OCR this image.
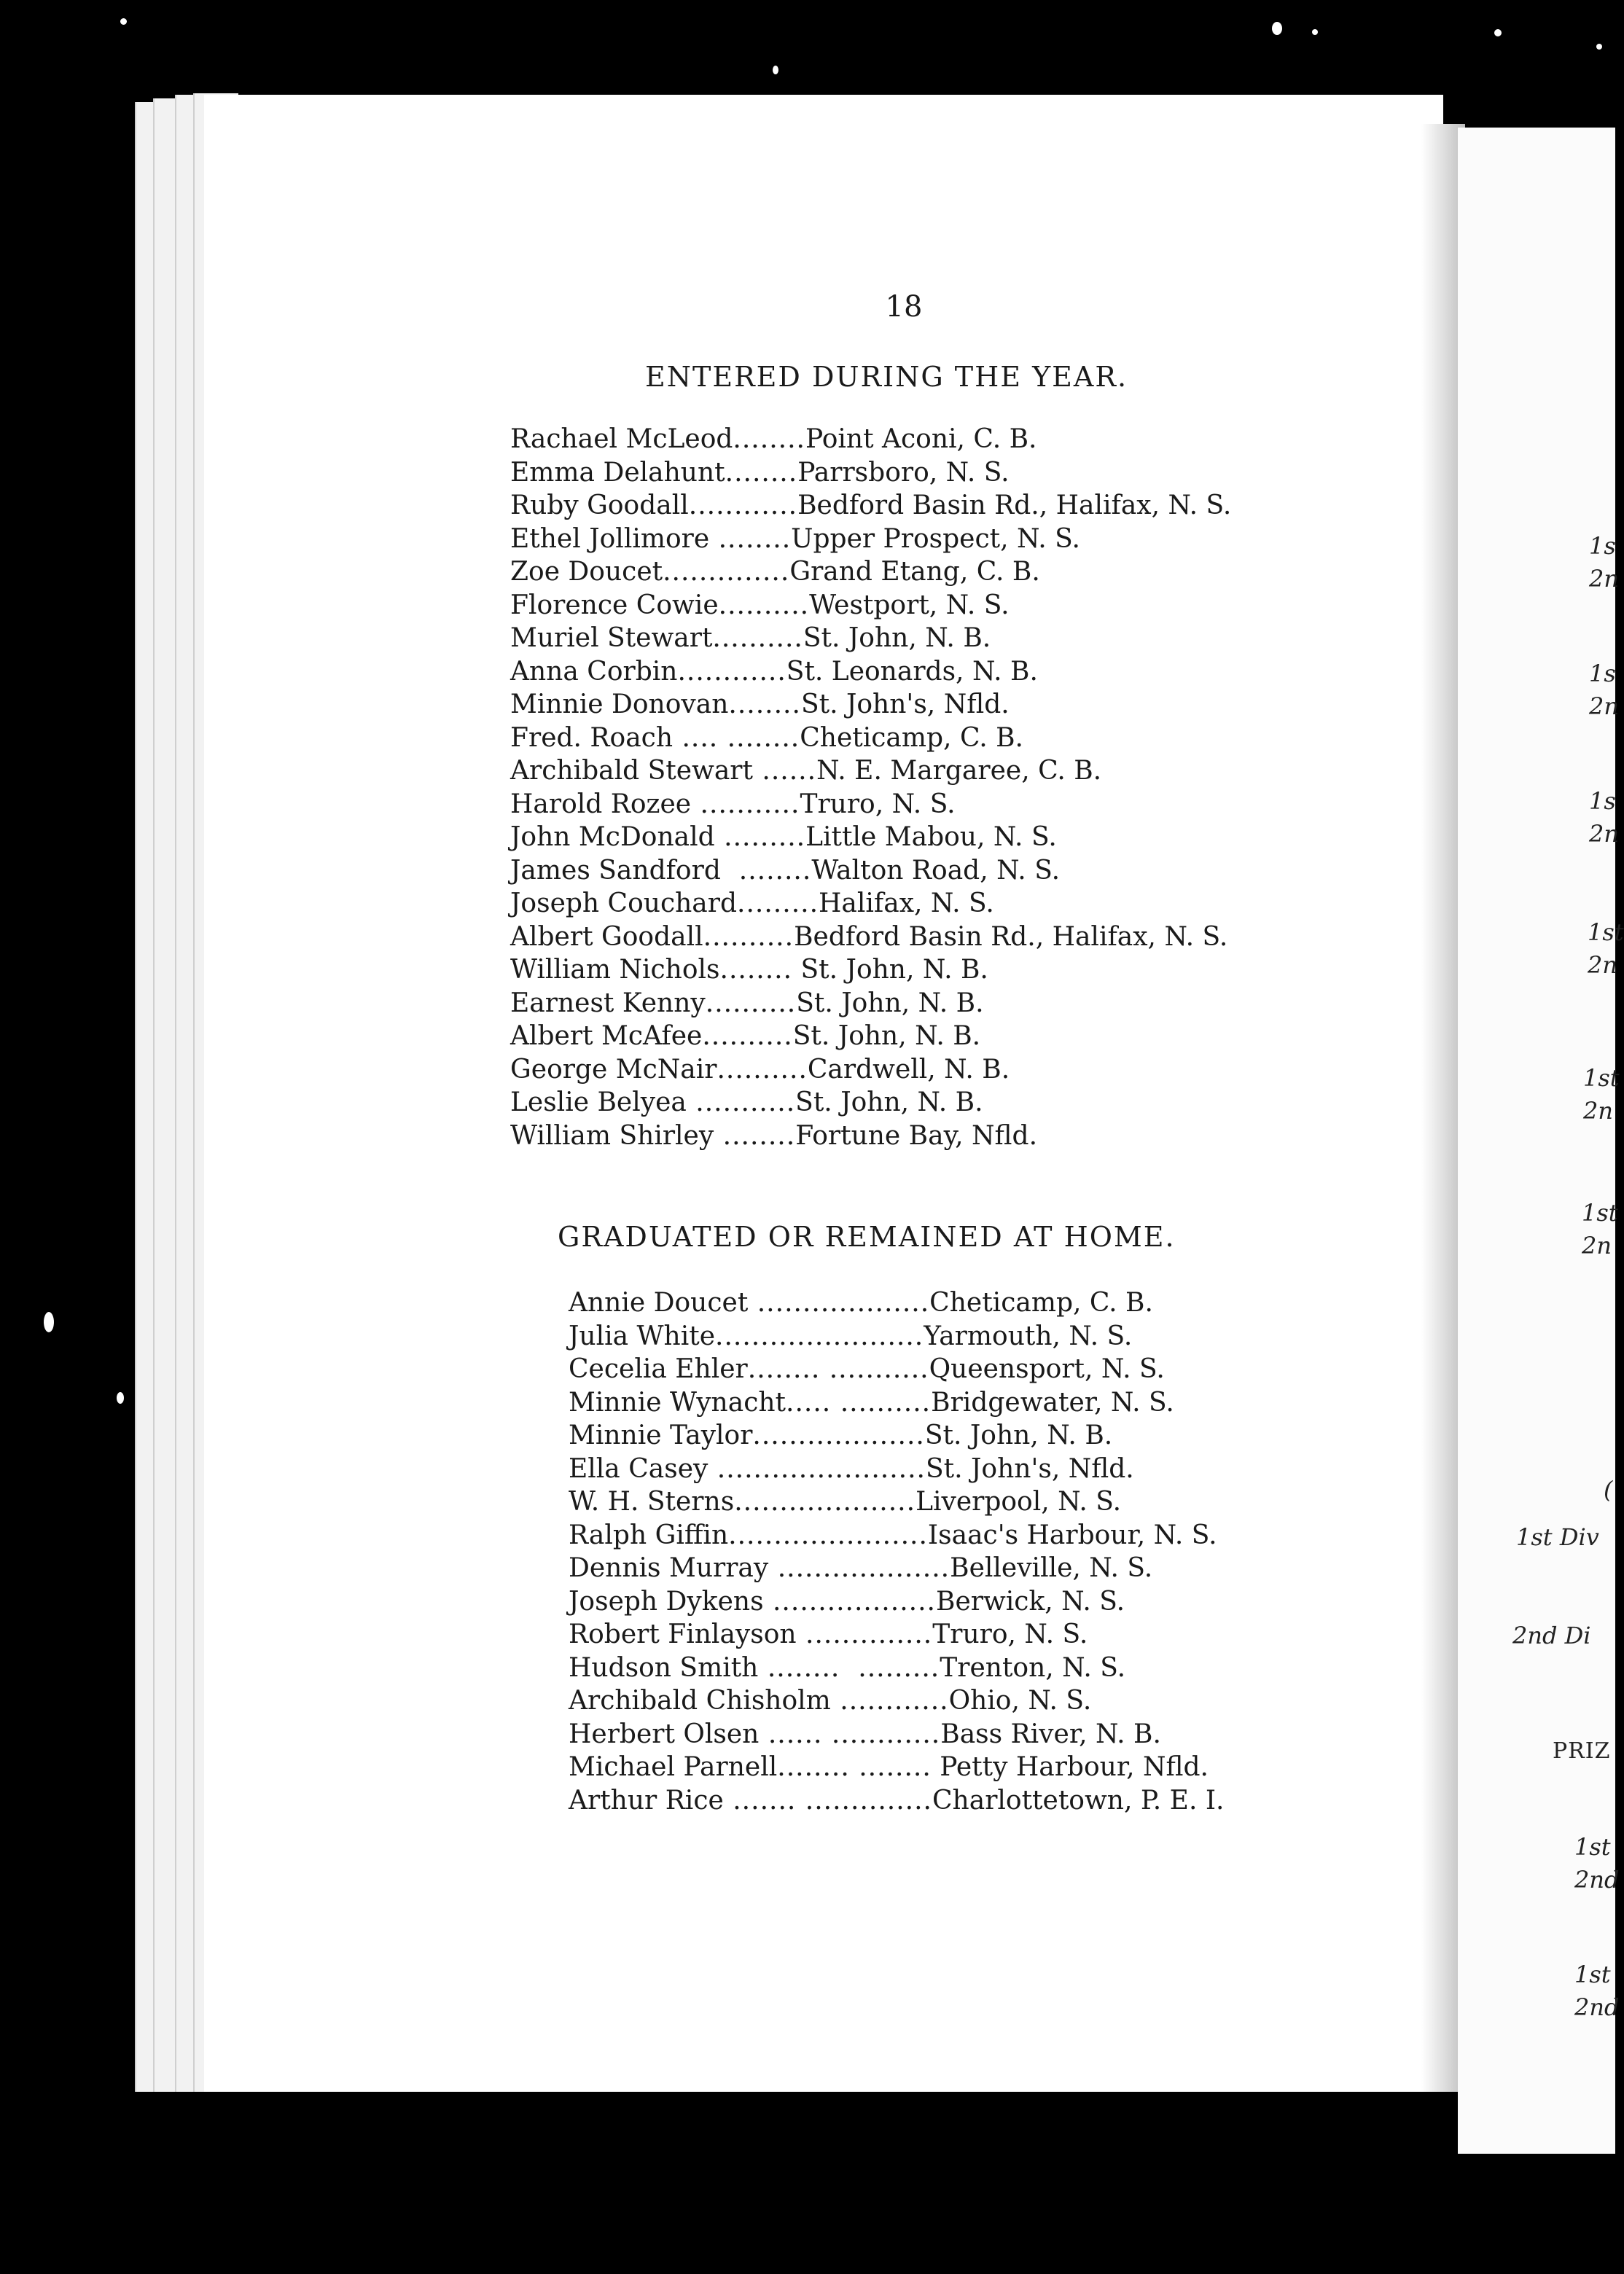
1s
2n
1s
2n
1s
2n
1st
2n
1st
2n
1st
2n
(
1st Div
2nd Di
PRIZ
1st
2nd
1st
2nd
18
ENTERED DURING THE YEAR.
Rachael McLeod ........ Point Aconi, C. B.
Emma Delahunt ........ Parrsboro, N. S.
Ruby Goodall ............ Bedford Basin Rd., Halifax, N. S.
Ethel Jollimore ........ Upper Prospect, N. S.
Zoe Doucet .............. Grand Etang, C. B.
Florence Cowie .......... Westport, N. S.
Muriel Stewart .......... St. John, N. B.
Anna Corbin ............ St. Leonards, N. B.
Minnie Donovan ........ St. John's, Nfld.
Fred. Roach .... ........ Cheticamp, C. B.
Archibald Stewart ...... N. E. Margaree, C. B.
Harold Rozee ........... Truro, N. S.
John McDonald ......... Little Mabou, N. S.
James Sandford ........ Walton Road, N. S.
Joseph Couchard ......... Halifax, N. S.
Albert Goodall .......... Bedford Basin Rd., Halifax, N. S.
William Nichols ........ St. John, N. B.
Earnest Kenny .......... St. John, N. B.
Albert McAfee .......... St. John, N. B.
George McNair .......... Cardwell, N. B.
Leslie Belyea ........... St. John, N. B.
William Shirley ........ Fortune Bay, Nfld.
GRADUATED OR REMAINED AT HOME.
Annie Doucet ................... Cheticamp, C. B.
Julia White ....................... Yarmouth, N. S.
Cecelia Ehler ........ ........... Queensport, N. S.
Minnie Wynacht ..... .......... Bridgewater, N. S.
Minnie Taylor ................... St. John, N. B.
Ella Casey ....................... St. John's, Nfld.
W. H. Sterns .................... Liverpool, N. S.
Ralph Giffin ...................... Isaac's Harbour, N. S.
Dennis Murray ................... Belleville, N. S.
Joseph Dykens .................. Berwick, N. S.
Robert Finlayson .............. Truro, N. S.
Hudson Smith ........  ......... Trenton, N. S.
Archibald Chisholm ............ Ohio, N. S.
Herbert Olsen ...... ............ Bass River, N. B.
Michael Parnell ........ ........ Petty Harbour, Nfld.
Arthur Rice ....... .............. Charlottetown, P. E. I.
